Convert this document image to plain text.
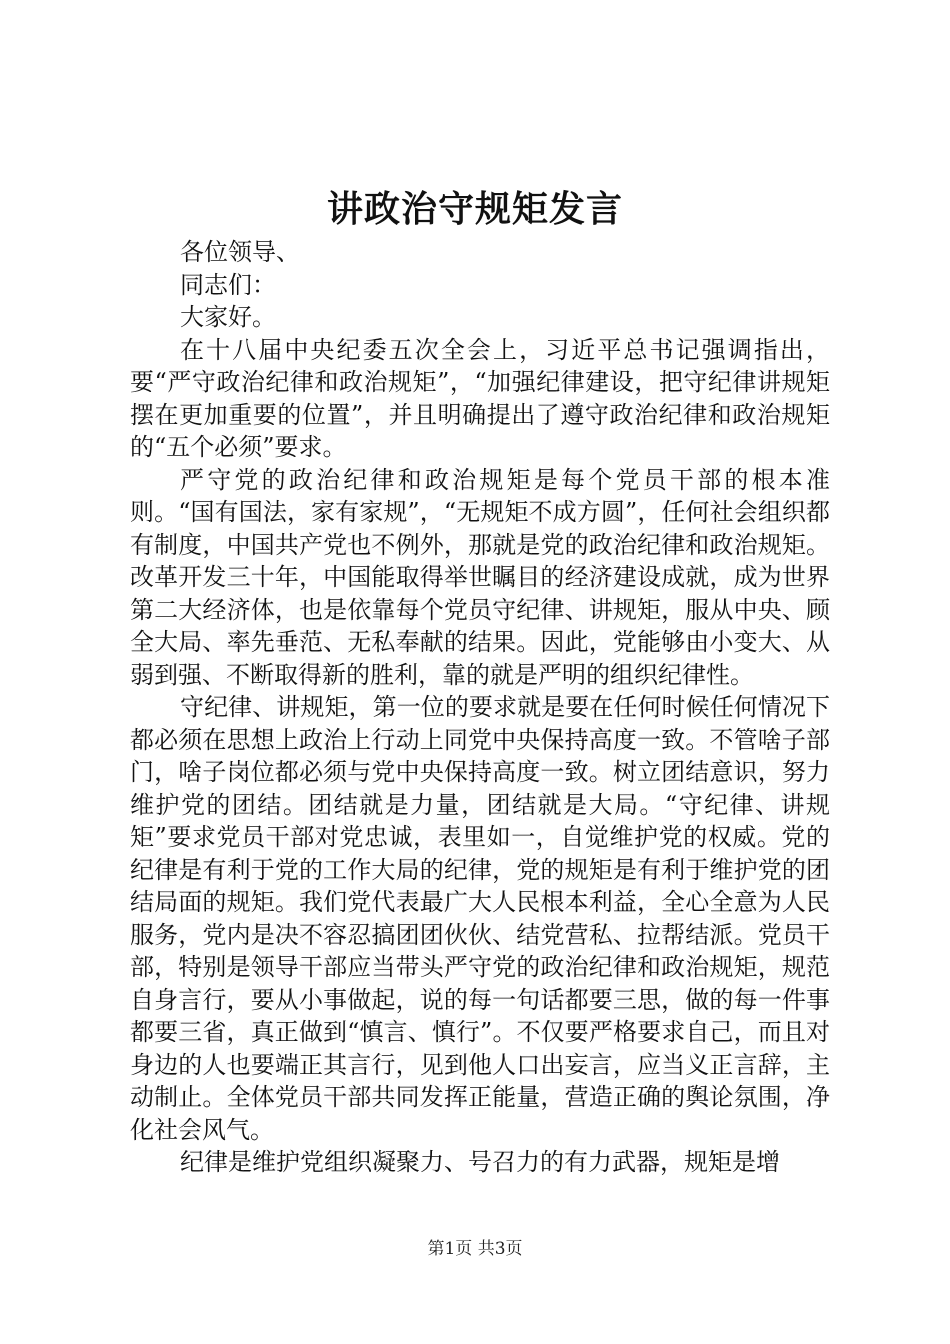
讲政治守规矩发言

各位领导、

同志们：

大家好。

在十八届中央纪委五次全会上，习近平总书记强调指出，要“严守政治纪律和政治规矩”，“加强纪律建设，把守纪律讲规矩摆在更加重要的位置”，并且明确提出了遵守政治纪律和政治规矩的“五个必须”要求。

严守党的政治纪律和政治规矩是每个党员干部的根本准则。“国有国法，家有家规”，“无规矩不成方圆”，任何社会组织都有制度，中国共产党也不例外，那就是党的政治纪律和政治规矩。改革开发三十年，中国能取得举世瞩目的经济建设成就，成为世界第二大经济体，也是依靠每个党员守纪律、讲规矩，服从中央、顾全大局、率先垂范、无私奉献的结果。因此，党能够由小变大、从弱到强、不断取得新的胜利，靠的就是严明的组织纪律性。

守纪律、讲规矩，第一位的要求就是要在任何时候任何情况下都必须在思想上政治上行动上同党中央保持高度一致。不管啥子部门，啥子岗位都必须与党中央保持高度一致。树立团结意识，努力维护党的团结。团结就是力量，团结就是大局。“守纪律、讲规矩”要求党员干部对党忠诚，表里如一，自觉维护党的权威。党的纪律是有利于党的工作大局的纪律，党的规矩是有利于维护党的团结局面的规矩。我们党代表最广大人民根本利益，全心全意为人民服务，党内是决不容忍搞团团伙伙、结党营私、拉帮结派。党员干部，特别是领导干部应当带头严守党的政治纪律和政治规矩，规范自身言行，要从小事做起，说的每一句话都要三思，做的每一件事都要三省，真正做到“慎言、慎行”。不仅要严格要求自己，而且对身边的人也要端正其言行，见到他人口出妄言，应当义正言辞，主动制止。全体党员干部共同发挥正能量，营造正确的舆论氛围，净化社会风气。

纪律是维护党组织凝聚力、号召力的有力武器，规矩是增

第1页 共3页
